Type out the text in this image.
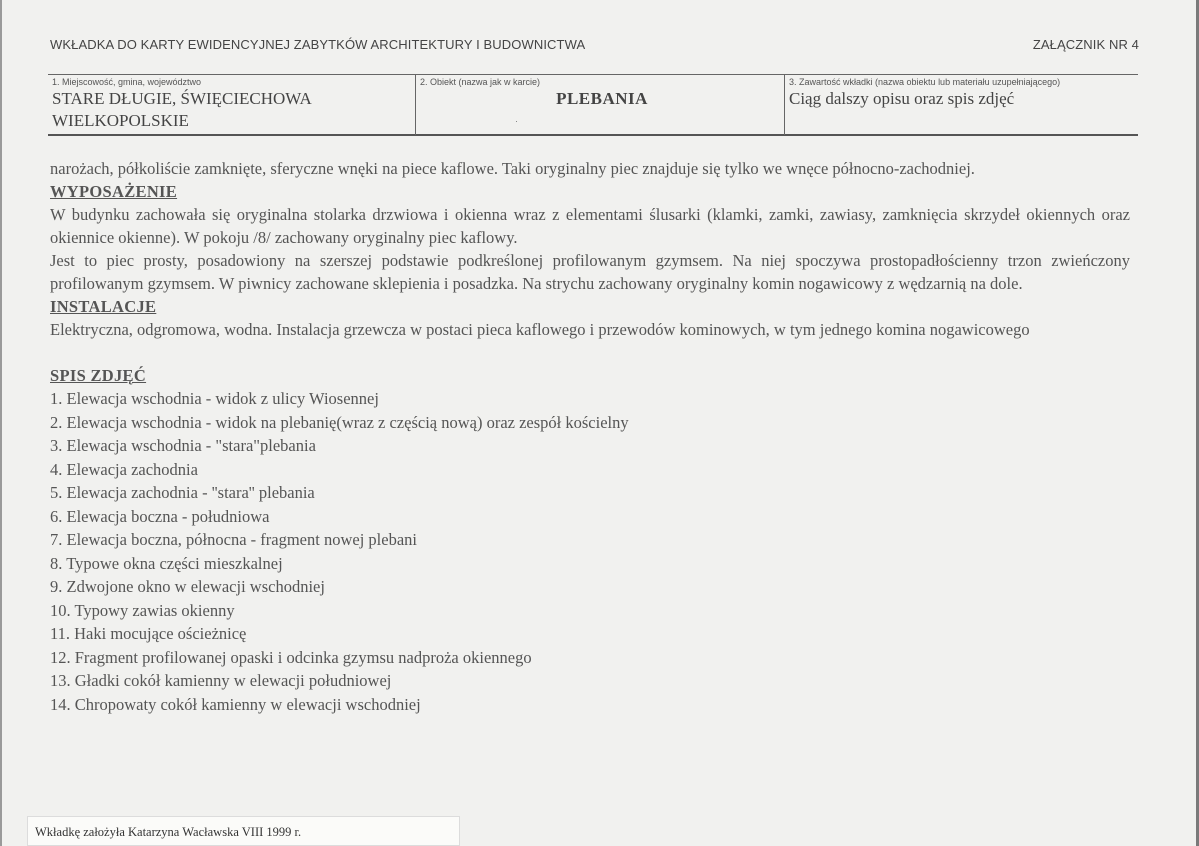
WKŁADKA DO KARTY EWIDENCYJNEJ ZABYTKÓW ARCHITEKTURY I BUDOWNICTWA	ZAŁĄCZNIK NR 4
1. Miejscowość, gmina, województwo
STARE DŁUGIE, ŚWIĘCIECHOWA
WIELKOPOLSKIE
2. Obiekt (nazwa jak w karcie)
PLEBANIA
·
3. Zawartość wkładki (nazwa obiektu lub materiału uzupełniającego)
Ciąg dalszy opisu oraz spis zdjęć

narożach, półkoliście zamknięte, sferyczne wnęki na piece kaflowe. Taki oryginalny piec znajduje się tylko we wnęce północno-zachodniej.

WYPOSAŻENIE

W budynku zachowała się oryginalna stolarka drzwiowa i okienna wraz z elementami ślusarki (klamki, zamki, zawiasy, zamknięcia skrzydeł okiennych oraz okiennice okienne). W pokoju /8/ zachowany oryginalny piec kaflowy.

Jest to piec prosty, posadowiony na szerszej podstawie podkreślonej profilowanym gzymsem. Na niej spoczywa prostopadłościenny trzon zwieńczony profilowanym gzymsem. W piwnicy zachowane sklepienia i posadzka. Na strychu zachowany oryginalny komin nogawicowy z wędzarnią na dole.

INSTALACJE

Elektryczna, odgromowa, wodna. Instalacja grzewcza w postaci pieca kaflowego i przewodów kominowych, w tym jednego komina nogawicowego

SPIS ZDJĘĆ
1. Elewacja wschodnia - widok z ulicy Wiosennej
2. Elewacja wschodnia - widok na plebanię(wraz z częścią nową) oraz zespół kościelny
3. Elewacja wschodnia - "stara"plebania
4. Elewacja zachodnia
5. Elewacja zachodnia - ''stara'' plebania
6. Elewacja boczna - południowa
7. Elewacja boczna, północna - fragment nowej plebani
8. Typowe okna części mieszkalnej
9. Zdwojone okno w elewacji wschodniej
10. Typowy zawias okienny
11. Haki mocujące ościeżnicę
12. Fragment profilowanej opaski i odcinka gzymsu nadproża okiennego
13. Gładki cokół kamienny w elewacji południowej
14. Chropowaty cokół kamienny w elewacji wschodniej
Wkładkę założyła Katarzyna Wacławska VIII 1999 r.
